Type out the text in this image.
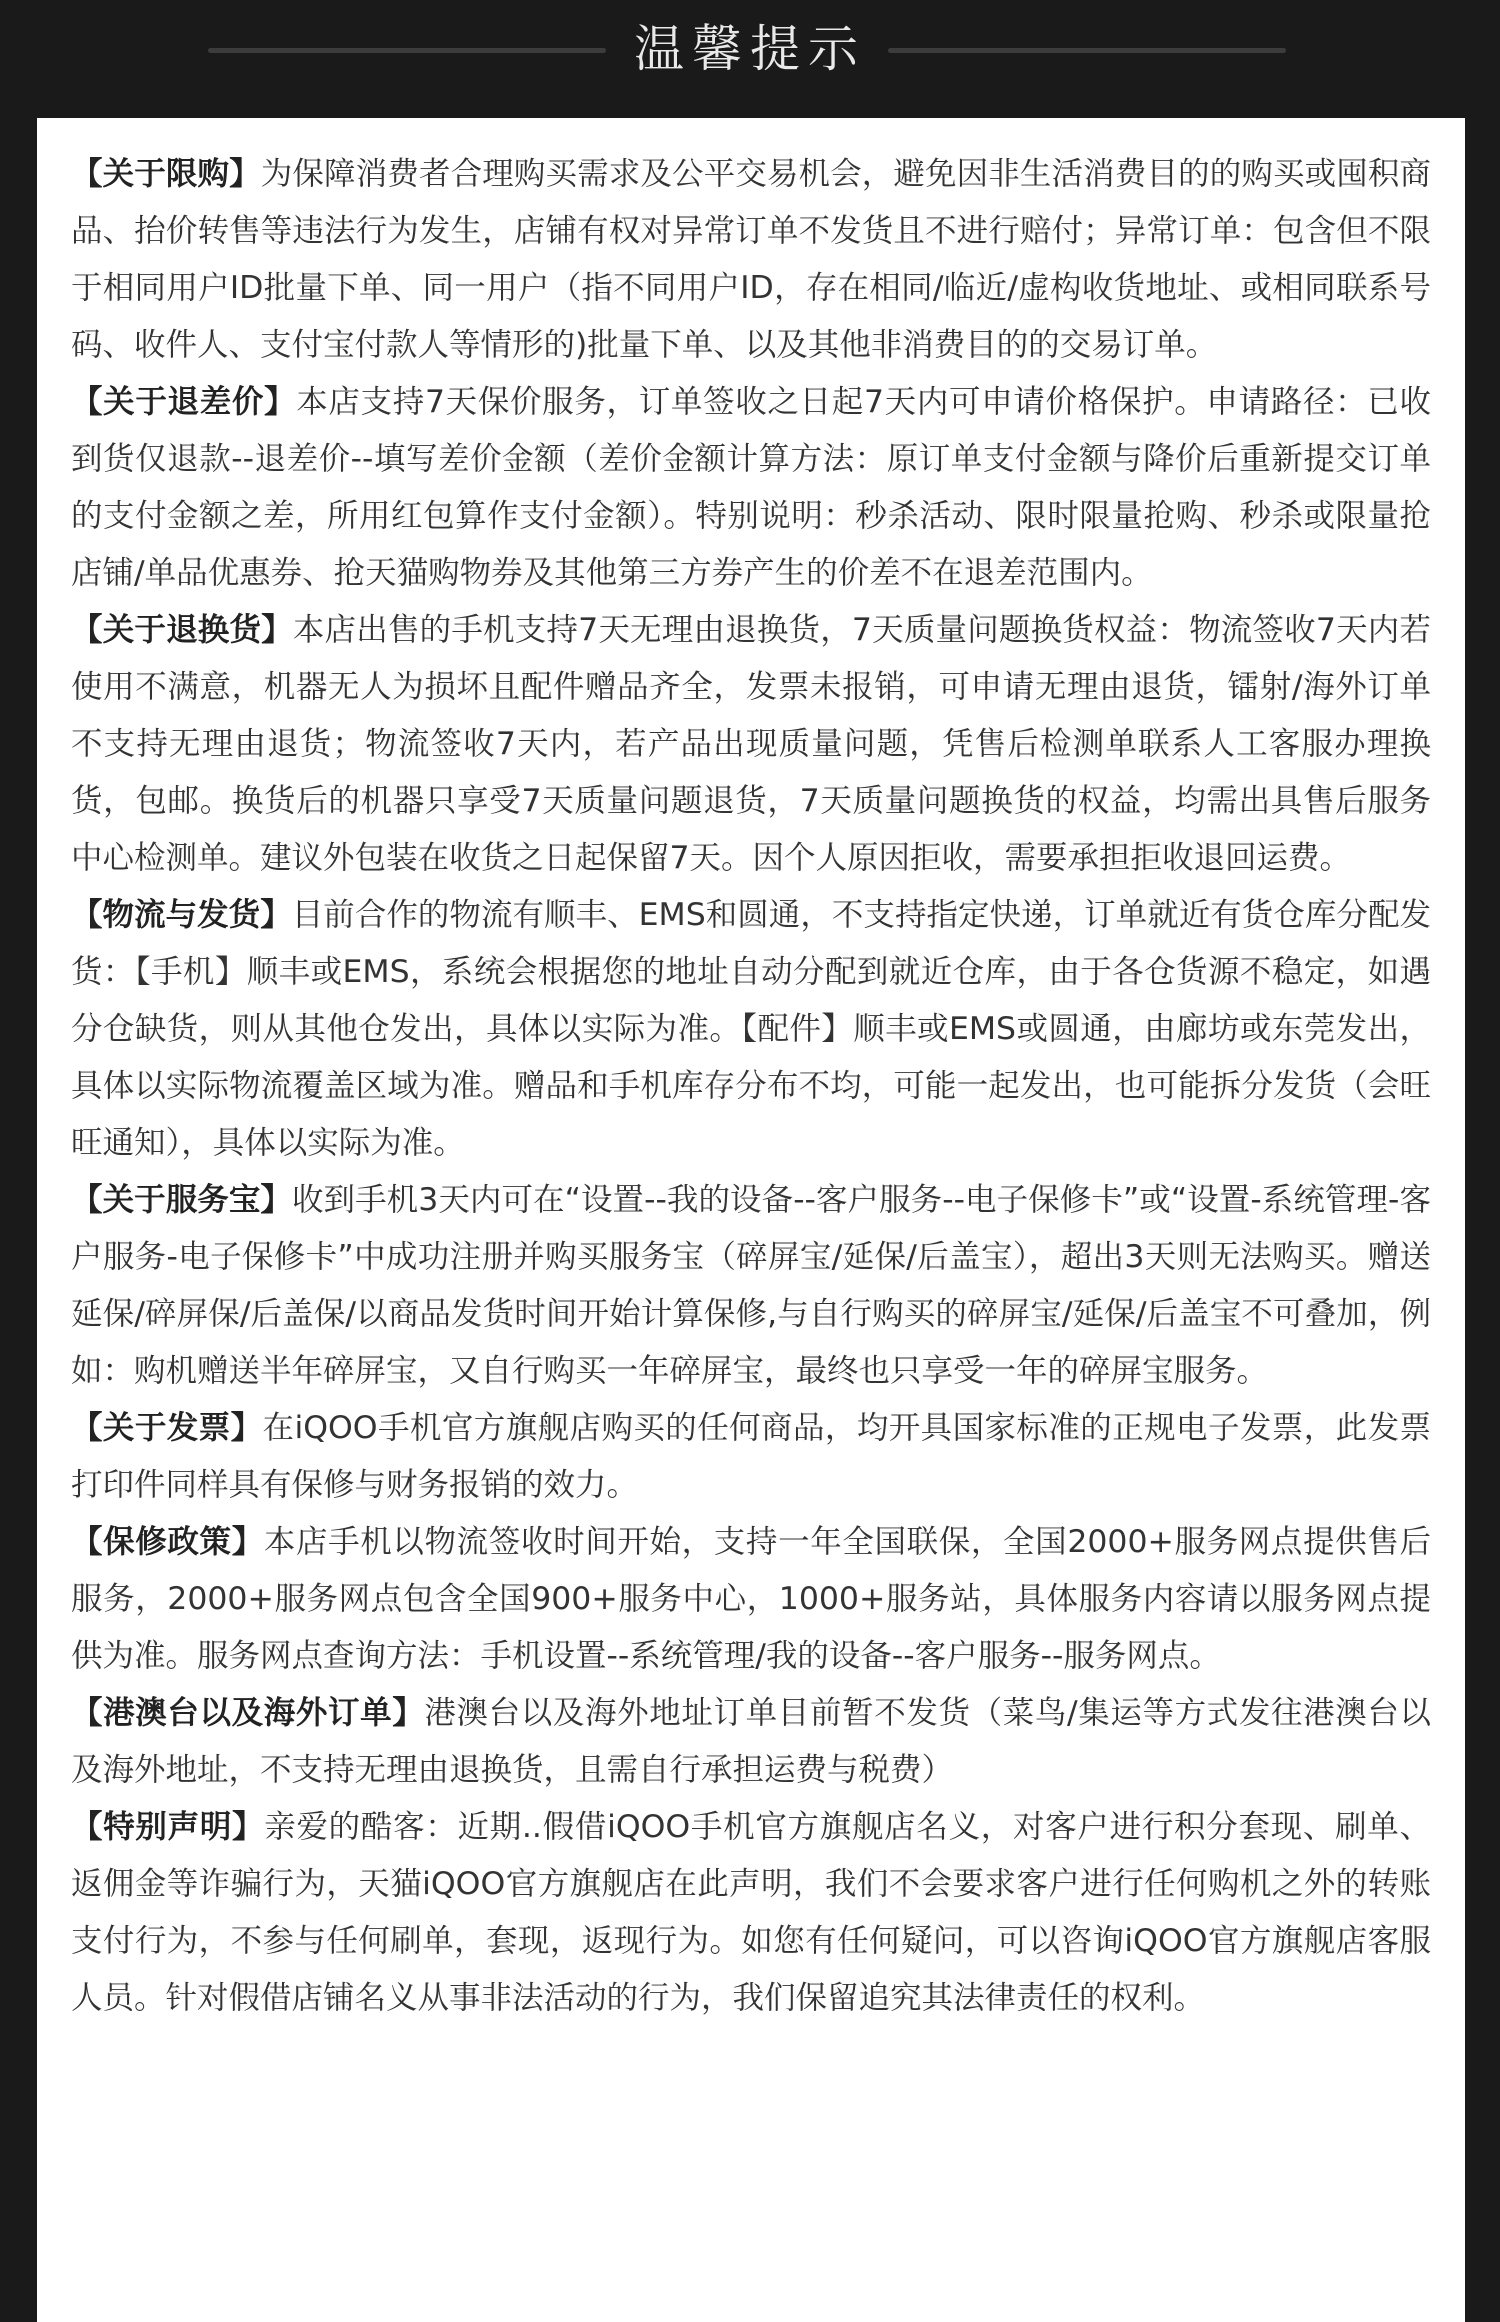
温馨提示

【关于限购】为保障消费者合理购买需求及公平交易机会，避免因非生活消费目的的购买或囤积商品、抬价转售等违法行为发生，店铺有权对异常订单不发货且不进行赔付；异常订单：包含但不限于相同用户ID批量下单、同一用户（指不同用户ID，存在相同/临近/虚构收货地址、或相同联系号码、收件人、支付宝付款人等情形的)批量下单、以及其他非消费目的的交易订单。

【关于退差价】本店支持7天保价服务，订单签收之日起7天内可申请价格保护。申请路径：已收到货仅退款--退差价--填写差价金额（差价金额计算方法：原订单支付金额与降价后重新提交订单的支付金额之差，所用红包算作支付金额）。特别说明：秒杀活动、限时限量抢购、秒杀或限量抢店铺/单品优惠券、抢天猫购物券及其他第三方券产生的价差不在退差范围内。

【关于退换货】本店出售的手机支持7天无理由退换货，7天质量问题换货权益：物流签收7天内若使用不满意，机器无人为损坏且配件赠品齐全，发票未报销，可申请无理由退货，镭射/海外订单不支持无理由退货；物流签收7天内，若产品出现质量问题，凭售后检测单联系人工客服办理换货，包邮。换货后的机器只享受7天质量问题退货，7天质量问题换货的权益，均需出具售后服务中心检测单。建议外包装在收货之日起保留7天。因个人原因拒收，需要承担拒收退回运费。

【物流与发货】目前合作的物流有顺丰、EMS和圆通，不支持指定快递，订单就近有货仓库分配发货：【手机】顺丰或EMS，系统会根据您的地址自动分配到就近仓库，由于各仓货源不稳定，如遇分仓缺货，则从其他仓发出，具体以实际为准。【配件】顺丰或EMS或圆通，由廊坊或东莞发出，具体以实际物流覆盖区域为准。赠品和手机库存分布不均，可能一起发出，也可能拆分发货（会旺旺通知），具体以实际为准。

【关于服务宝】收到手机3天内可在“设置--我的设备--客户服务--电子保修卡”或“设置-系统管理-客户服务-电子保修卡”中成功注册并购买服务宝（碎屏宝/延保/后盖宝），超出3天则无法购买。赠送延保/碎屏保/后盖保/以商品发货时间开始计算保修,与自行购买的碎屏宝/延保/后盖宝不可叠加，例如：购机赠送半年碎屏宝，又自行购买一年碎屏宝，最终也只享受一年的碎屏宝服务。

【关于发票】在iQOO手机官方旗舰店购买的任何商品，均开具国家标准的正规电子发票，此发票打印件同样具有保修与财务报销的效力。

【保修政策】本店手机以物流签收时间开始，支持一年全国联保，全国2000+服务网点提供售后服务，2000+服务网点包含全国900+服务中心，1000+服务站，具体服务内容请以服务网点提供为准。服务网点查询方法：手机设置--系统管理/我的设备--客户服务--服务网点。

【港澳台以及海外订单】港澳台以及海外地址订单目前暂不发货（菜鸟/集运等方式发往港澳台以及海外地址，不支持无理由退换货，且需自行承担运费与税费）

【特别声明】亲爱的酷客：近期..假借iQOO手机官方旗舰店名义，对客户进行积分套现、刷单、返佣金等诈骗行为，天猫iQOO官方旗舰店在此声明，我们不会要求客户进行任何购机之外的转账支付行为，不参与任何刷单，套现，返现行为。如您有任何疑问，可以咨询iQOO官方旗舰店客服人员。针对假借店铺名义从事非法活动的行为，我们保留追究其法律责任的权利。
